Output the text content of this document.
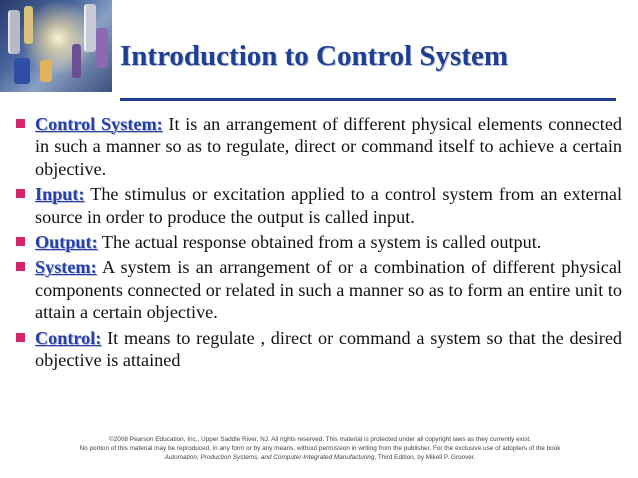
Introduction to Control System
Control System: It is an arrangement of different physical elements connected in such a manner so as to regulate, direct or command itself to achieve a certain objective.
Input: The stimulus or excitation applied to a control system from an external source in order to produce the output is called input.
Output: The actual response obtained from a system is called output.
System: A system is an arrangement of or a combination of different physical components connected or related in such a manner so as to form an entire unit to attain a certain objective.
Control: It means to regulate , direct or command a system so that the desired objective is attained
©2008 Pearson Education, Inc., Upper Saddle River, NJ. All rights reserved. This material is protected under all copyright laws as they currently exist.
No portion of this material may be reproduced, in any form or by any means, without permission in writing from the publisher. For the exclusive use of adopters of the book
Automation, Production Systems, and Computer-Integrated Manufacturing, Third Edition, by Mikell P. Groover.
